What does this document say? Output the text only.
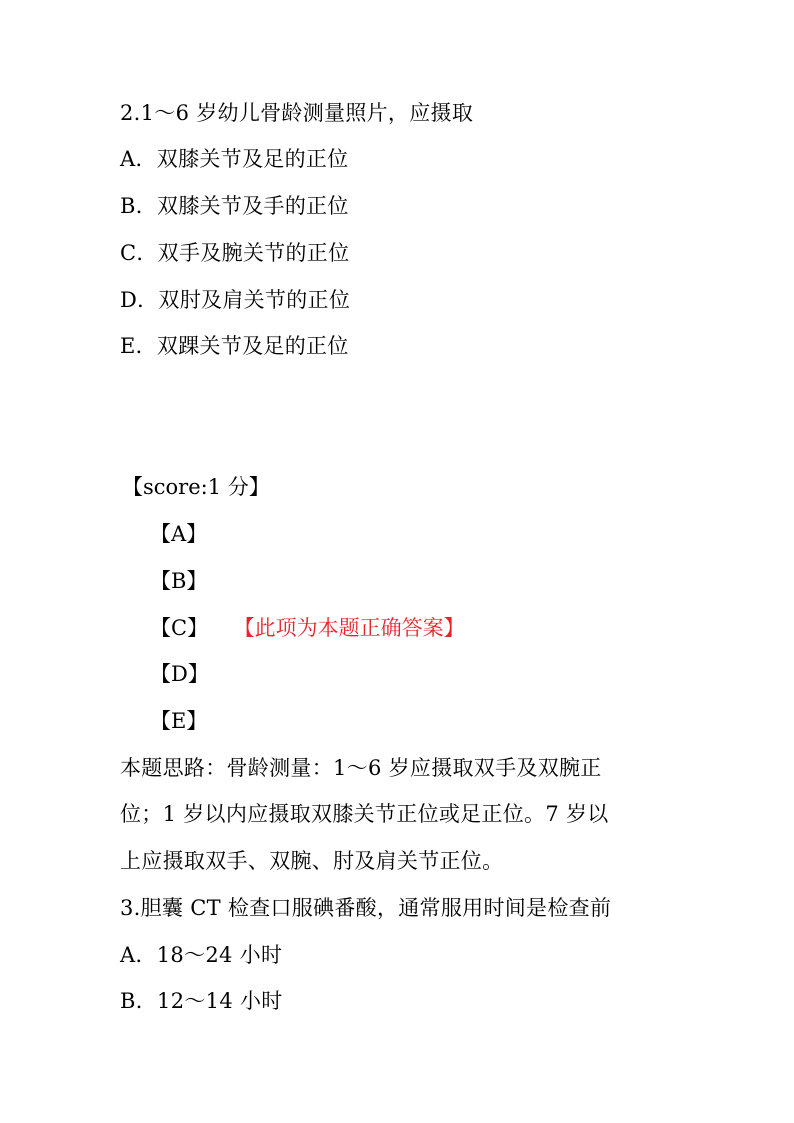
2.1～6 岁幼儿骨龄测量照片，应摄取
A．双膝关节及足的正位
B．双膝关节及手的正位
C．双手及腕关节的正位
D．双肘及肩关节的正位
E．双踝关节及足的正位
【score:1 分】
【A】
【B】
【C】 【此项为本题正确答案】
【D】
【E】
本题思路：骨龄测量：1～6 岁应摄取双手及双腕正
位；1 岁以内应摄取双膝关节正位或足正位。7 岁以
上应摄取双手、双腕、肘及肩关节正位。
3.胆囊 CT 检查口服碘番酸，通常服用时间是检查前
A．18～24 小时
B．12～14 小时
